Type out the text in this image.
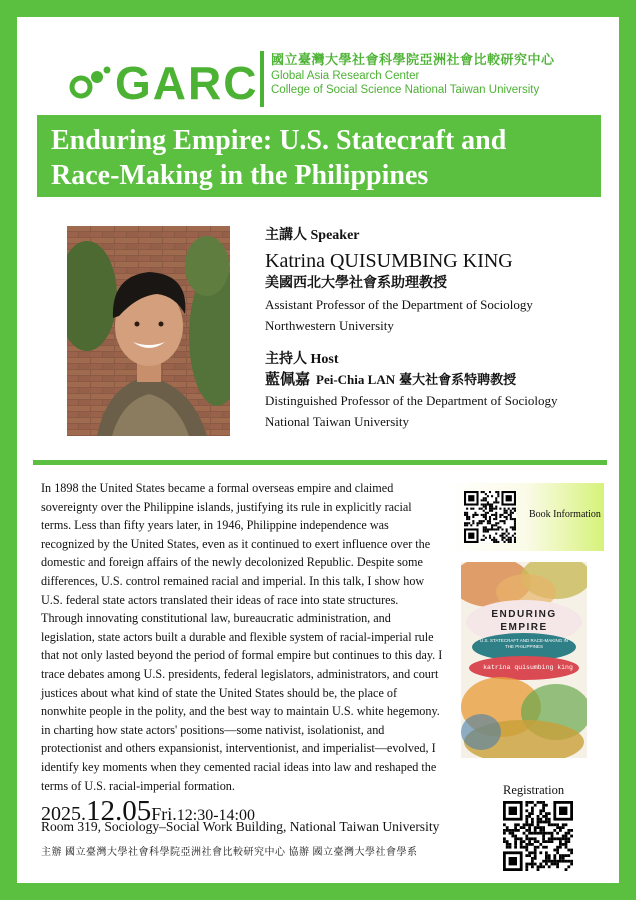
GARC 國立臺灣大學社會科學院亞洲社會比較研究中心
Global Asia Research Center
College of Social Science National Taiwan University
Enduring Empire: U.S. Statecraft and
Race-Making in the Philippines
主講人 Speaker
Katrina QUISUMBING KING
美國西北大學社會系助理教授
Assistant Professor of the Department of Sociology
Northwestern University
主持人 Host
藍佩嘉 Pei-Chia LAN 臺大社會系特聘教授
Distinguished Professor of the Department of Sociology
National Taiwan University
In 1898 the United States became a formal overseas empire and claimed sovereignty over the Philippine islands, justifying its rule in explicitly racial terms. Less than fifty years later, in 1946, Philippine independence was recognized by the United States, even as it continued to exert influence over the domestic and foreign affairs of the newly decolonized Republic. Despite some differences, U.S. control remained racial and imperial. In this talk, I show how U.S. federal state actors translated their ideas of race into state structures. Through innovating constitutional law, bureaucratic administration, and legislation, state actors built a durable and flexible system of racial-imperial rule that not only lasted beyond the period of formal empire but continues to this day. I trace debates among U.S. presidents, federal legislators, administrators, and court justices about what kind of state the United States should be, the place of nonwhite people in the polity, and the best way to maintain U.S. white hegemony. in charting how state actors' positions—some nativist, isolationist, and protectionist and others expansionist, interventionist, and imperialist—evolved, I identify key moments when they cemented racial ideas into law and reshaped the terms of U.S. racial-imperial formation.
Book Information
ENDURING
EMPIRE
U.S. STATECRAFT AND RACE-MAKING IN THE PHILIPPINES
katrina quisumbing king
2025.12.05Fri.12:30-14:00
Room 319, Sociology–Social Work Building, National Taiwan University
主辦 國立臺灣大學社會科學院亞洲社會比較研究中心 協辦 國立臺灣大學社會學系
Registration
